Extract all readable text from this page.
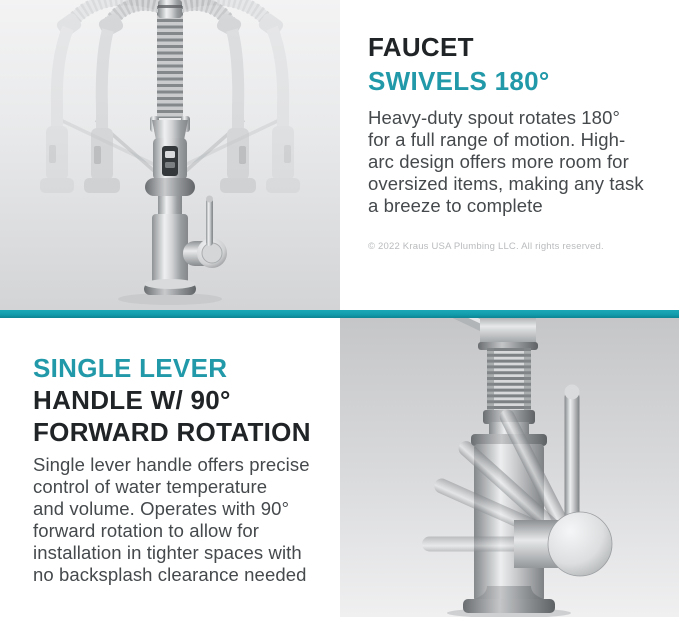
FAUCET
SWIVELS 180°
Heavy-duty spout rotates 180°
for a full range of motion. High-
arc design offers more room for
oversized items, making any task
a breeze to complete
© 2022 Kraus USA Plumbing LLC. All rights reserved.
SINGLE LEVER
HANDLE W/ 90°
FORWARD ROTATION
Single lever handle offers precise
control of water temperature
and volume. Operates with 90°
forward rotation to allow for
installation in tighter spaces with
no backsplash clearance needed
